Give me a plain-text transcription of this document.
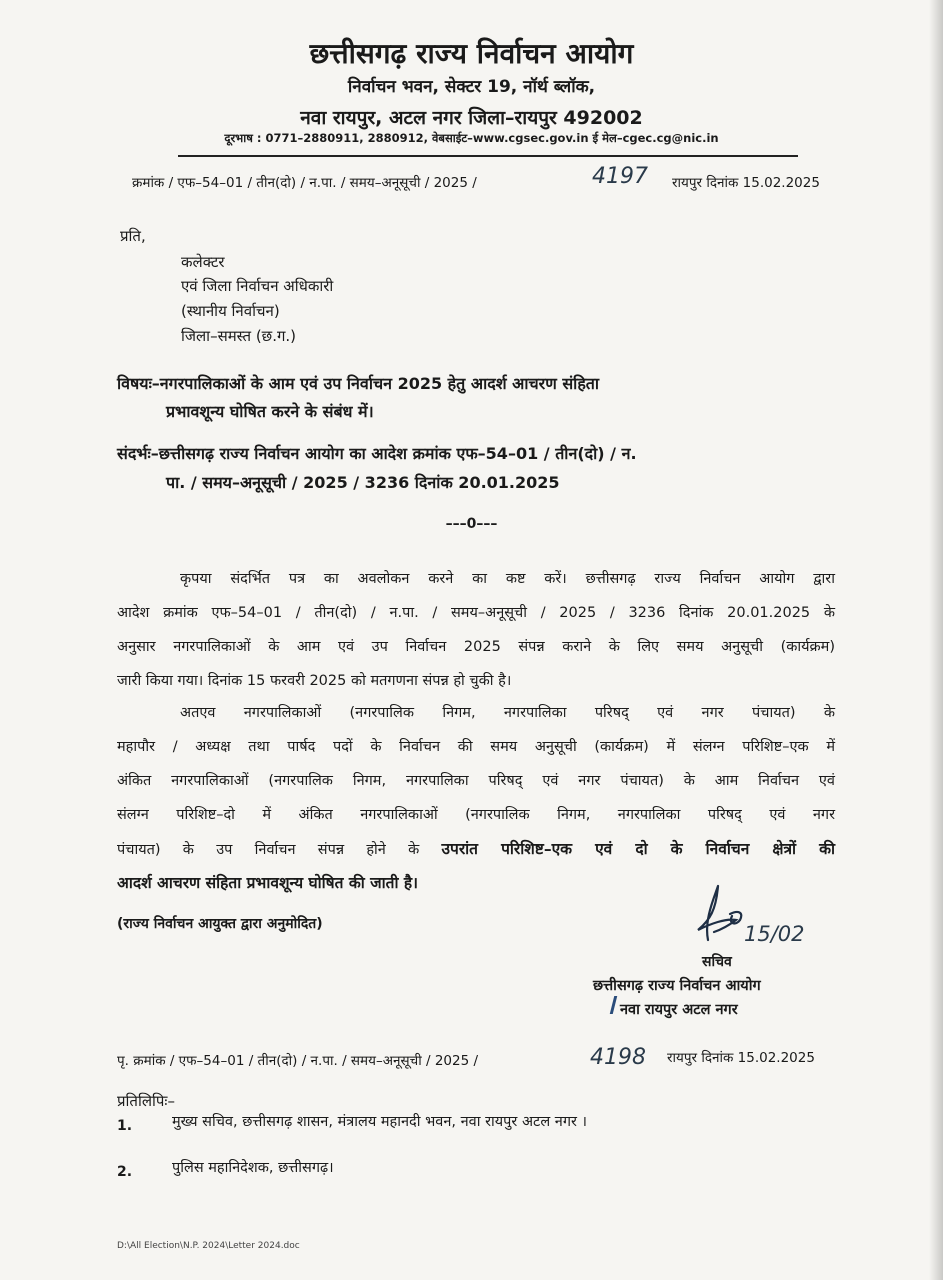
छत्तीसगढ़ राज्य निर्वाचन आयोग
निर्वाचन भवन, सेक्टर 19, नॉर्थ ब्लॉक,
नवा रायपुर, अटल नगर जिला–रायपुर 492002
दूरभाष : 0771–2880911, 2880912, वेबसाईट–www.cgsec.gov.in ई मेल–cgec.cg@nic.in
क्रमांक / एफ–54–01 / तीन(दो) / न.पा. / समय–अनूसूची / 2025 /	4197 रायपुर दिनांक 15.02.2025
प्रति,
कलेक्टर
एवं जिला निर्वाचन अधिकारी
(स्थानीय निर्वाचन)
जिला–समस्त (छ.ग.)
विषयः–नगरपालिकाओं के आम एवं उप निर्वाचन 2025 हेतु आदर्श आचरण संहिता
प्रभावशून्य घोषित करने के संबंध में।
संदर्भः–छत्तीसगढ़ राज्य निर्वाचन आयोग का आदेश क्रमांक एफ–54–01 / तीन(दो) / न.
पा. / समय–अनूसूची / 2025 / 3236 दिनांक 20.01.2025
–––0–––
कृपया संदर्भित पत्र का अवलोकन करने का कष्ट करें। छत्तीसगढ़ राज्य निर्वाचन आयोग द्वारा
आदेश क्रमांक एफ–54–01 / तीन(दो) / न.पा. / समय–अनूसूची / 2025 / 3236 दिनांक 20.01.2025 के
अनुसार नगरपालिकाओं के आम एवं उप निर्वाचन 2025 संपन्न कराने के लिए समय अनुसूची (कार्यक्रम)
जारी किया गया। दिनांक 15 फरवरी 2025 को मतगणना संपन्न हो चुकी है।
अतएव नगरपालिकाओं (नगरपालिक निगम, नगरपालिका परिषद् एवं नगर पंचायत) के
महापौर / अध्यक्ष तथा पार्षद पदों के निर्वाचन की समय अनुसूची (कार्यक्रम) में संलग्न परिशिष्ट–एक में
अंकित नगरपालिकाओं (नगरपालिक निगम, नगरपालिका परिषद् एवं नगर पंचायत) के आम निर्वाचन एवं
संलग्न परिशिष्ट–दो में अंकित नगरपालिकाओं (नगरपालिक निगम, नगरपालिका परिषद् एवं नगर
पंचायत) के उप निर्वाचन संपन्न होने के उपरांत परिशिष्ट–एक एवं दो के निर्वाचन क्षेत्रों की
आदर्श आचरण संहिता प्रभावशून्य घोषित की जाती है।
(राज्य निर्वाचन आयुक्त द्वारा अनुमोदित)	15/02
सचिव
छत्तीसगढ़ राज्य निर्वाचन आयोग
नवा रायपुर अटल नगर
पृ. क्रमांक / एफ–54–01 / तीन(दो) / न.पा. / समय–अनूसूची / 2025 /	4198 रायपुर दिनांक 15.02.2025
प्रतिलिपिः–
1.	मुख्य सचिव, छत्तीसगढ़ शासन, मंत्रालय महानदी भवन, नवा रायपुर अटल नगर ।
2.	पुलिस महानिदेशक, छत्तीसगढ़।
D:\All Election\N.P. 2024\Letter 2024.doc
